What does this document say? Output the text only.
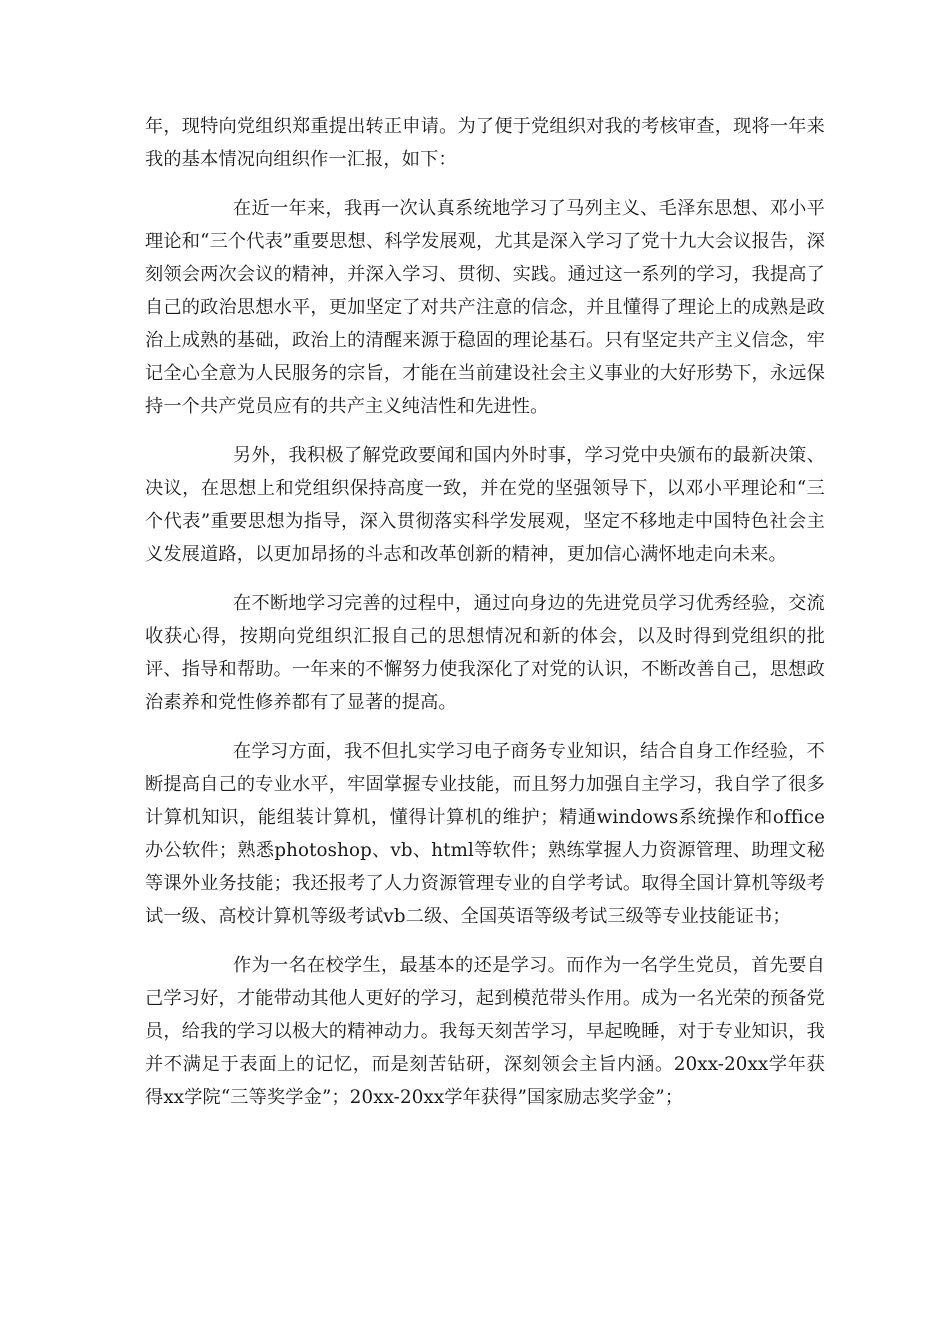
年，现特向党组织郑重提出转正申请。为了便于党组织对我的考核审查，现将一年来我的基本情况向组织作一汇报，如下：

在近一年来，我再一次认真系统地学习了马列主义、毛泽东思想、邓小平理论和“三个代表”重要思想、科学发展观，尤其是深入学习了党十九大会议报告，深刻领会两次会议的精神，并深入学习、贯彻、实践。通过这一系列的学习，我提高了自己的政治思想水平，更加坚定了对共产注意的信念，并且懂得了理论上的成熟是政治上成熟的基础，政治上的清醒来源于稳固的理论基石。只有坚定共产主义信念，牢记全心全意为人民服务的宗旨，才能在当前建设社会主义事业的大好形势下，永远保持一个共产党员应有的共产主义纯洁性和先进性。

另外，我积极了解党政要闻和国内外时事，学习党中央颁布的最新决策、决议，在思想上和党组织保持高度一致，并在党的坚强领导下，以邓小平理论和“三个代表”重要思想为指导，深入贯彻落实科学发展观，坚定不移地走中国特色社会主义发展道路，以更加昂扬的斗志和改革创新的精神，更加信心满怀地走向未来。

在不断地学习完善的过程中，通过向身边的先进党员学习优秀经验，交流收获心得，按期向党组织汇报自己的思想情况和新的体会，以及时得到党组织的批评、指导和帮助。一年来的不懈努力使我深化了对党的认识，不断改善自己，思想政治素养和党性修养都有了显著的提高。

在学习方面，我不但扎实学习电子商务专业知识，结合自身工作经验，不断提高自己的专业水平，牢固掌握专业技能，而且努力加强自主学习，我自学了很多计算机知识，能组装计算机，懂得计算机的维护；精通windows系统操作和office办公软件；熟悉photoshop、vb、html等软件；熟练掌握人力资源管理、助理文秘等课外业务技能；我还报考了人力资源管理专业的自学考试。取得全国计算机等级考试一级、高校计算机等级考试vb二级、全国英语等级考试三级等专业技能证书；

作为一名在校学生，最基本的还是学习。而作为一名学生党员，首先要自己学习好，才能带动其他人更好的学习，起到模范带头作用。成为一名光荣的预备党员，给我的学习以极大的精神动力。我每天刻苦学习，早起晚睡，对于专业知识，我并不满足于表面上的记忆，而是刻苦钻研，深刻领会主旨内涵。20xx-20xx学年获得xx学院“三等奖学金”；20xx-20xx学年获得”国家励志奖学金”；
